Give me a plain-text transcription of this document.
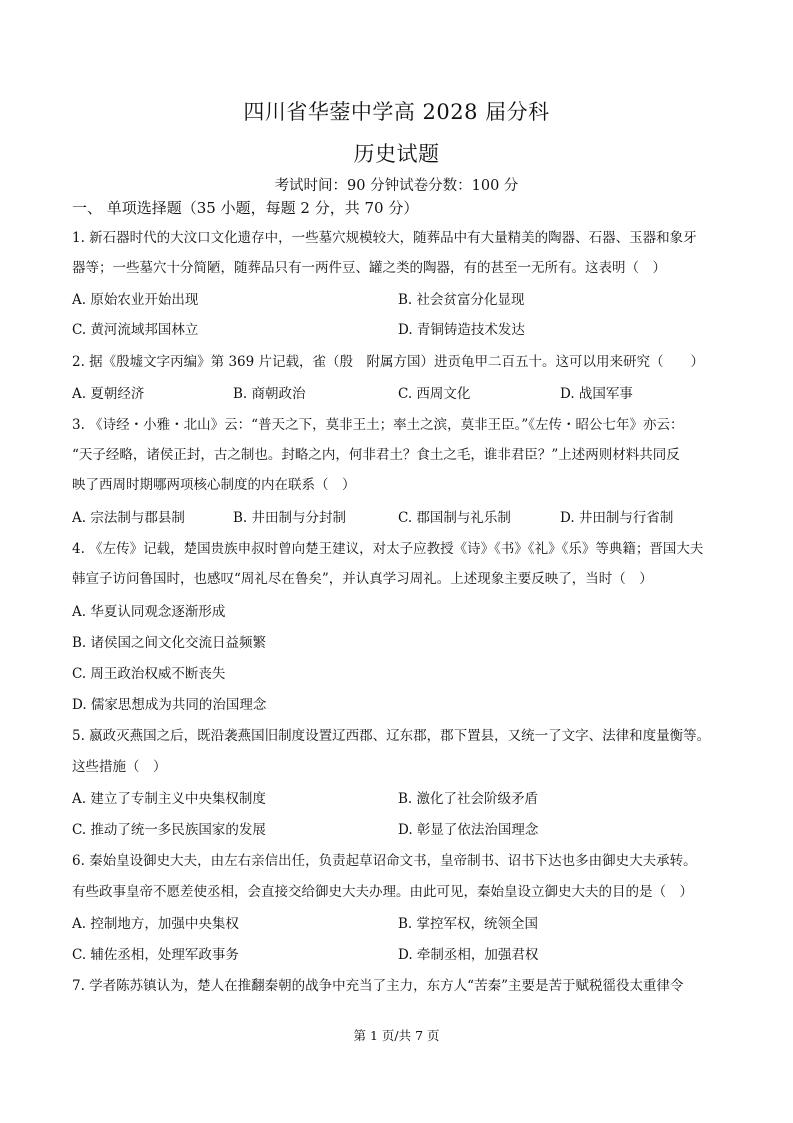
四川省华蓥中学高 2028 届分科
历史试题
考试时间：90 分钟试卷分数：100 分
一、 单项选择题（35 小题，每题 2 分，共 70 分）
1. 新石器时代的大汶口文化遗存中，一些墓穴规模较大，随葬品中有大量精美的陶器、石器、玉器和象牙
器等；一些墓穴十分简陋，随葬品只有一两件豆、罐之类的陶器，有的甚至一无所有。这表明（　）
A. 原始农业开始出现	B. 社会贫富分化显现
C. 黄河流域邦国林立	D. 青铜铸造技术发达
2. 据《殷墟文字丙编》第 369 片记载，雀（殷　附属方国）进贡龟甲二百五十。这可以用来研究（　　）
A. 夏朝经济	B. 商朝政治	C. 西周文化	D. 战国军事
3. 《诗经・小雅・北山》云：“普天之下，莫非王土；率土之滨，莫非王臣。”《左传・昭公七年》亦云：
“天子经略，诸侯正封，古之制也。封略之内，何非君土？食土之毛，谁非君臣？”上述两则材料共同反
映了西周时期哪两项核心制度的内在联系（　）
A. 宗法制与郡县制	B. 井田制与分封制	C. 郡国制与礼乐制	D. 井田制与行省制
4. 《左传》记载，楚国贵族申叔时曾向楚王建议，对太子应教授《诗》《书》《礼》《乐》等典籍；晋国大夫
韩宣子访问鲁国时，也感叹“周礼尽在鲁矣”，并认真学习周礼。上述现象主要反映了，当时（　）
A. 华夏认同观念逐渐形成
B. 诸侯国之间文化交流日益频繁
C. 周王政治权威不断丧失
D. 儒家思想成为共同的治国理念
5. 嬴政灭燕国之后，既沿袭燕国旧制度设置辽西郡、辽东郡，郡下置县，又统一了文字、法律和度量衡等。
这些措施（　）
A. 建立了专制主义中央集权制度	B. 激化了社会阶级矛盾
C. 推动了统一多民族国家的发展	D. 彰显了依法治国理念
6. 秦始皇设御史大夫，由左右亲信出任，负责起草诏命文书，皇帝制书、诏书下达也多由御史大夫承转。
有些政事皇帝不愿差使丞相，会直接交给御史大夫办理。由此可见，秦始皇设立御史大夫的目的是（　）
A. 控制地方，加强中央集权	B. 掌控军权，统领全国
C. 辅佐丞相，处理军政事务	D. 牵制丞相，加强君权
7. 学者陈苏镇认为，楚人在推翻秦朝的战争中充当了主力，东方人“苦秦”主要是苦于赋税徭役太重律令
第 1 页/共 7 页
